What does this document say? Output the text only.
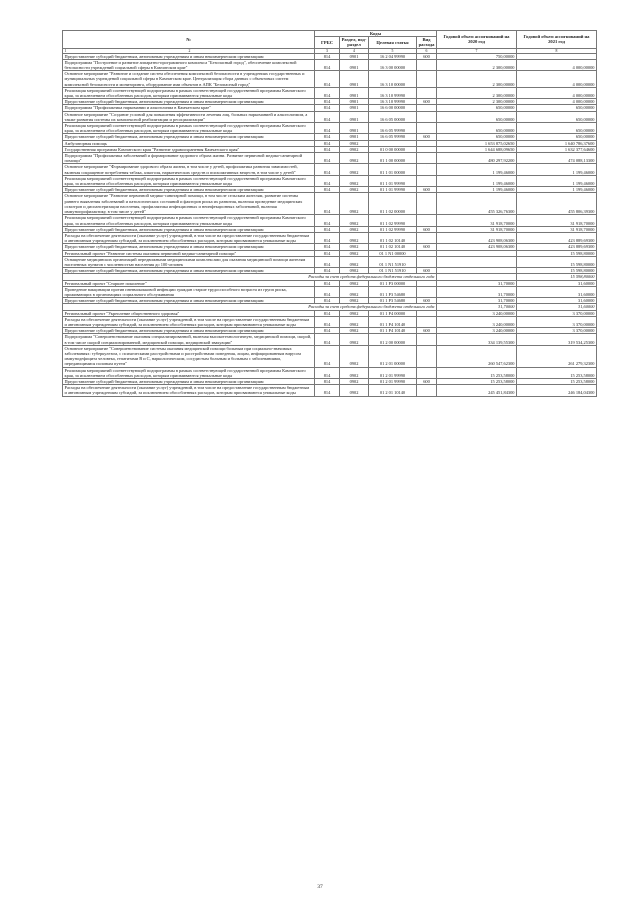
№	Коды				Годовой объем ассигнований на 2020 год	Годовой объем ассигнований на 2021 год
	ГРБС	Раздел, под-раздел	Целевая статья	Вид расхода		

1 2	3	4	5	6	7	8
Предоставление субсидий бюджетным, автономным учреждениям и иным некоммерческим организациям	814	0901	16 2 04 99990	600	750,00000	
Подпрограмма "Построение и развитие аппаратно-программного комплекса "Безопасный город", обеспечение комплексной безопасности учреждений социальной сферы в Камчатском крае"	814	0901	16 3 00 00000		2 300,00000	4 000,00000
Основное мероприятие "Развитие и создание систем обеспечения комплексной безопасности в учреждениях государственных и муниципальных учреждений социальной сферы в Камчатском крае. Централизация сбора данных с объектовых систем комплексной безопасности и мониторинга, оборудование ими объектов в АПК "Безопасный город"	814	0901	16 3 10 00000		2 300,00000	4 000,00000
Реализация мероприятий соответствующей подпрограммы в рамках соответствующей государственной программы Камчатского края, за исключением обособленных расходов, которым присваиваются уникальные коды	814	0901	16 3 10 99990		2 300,00000	4 000,00000
Предоставление субсидий бюджетным, автономным учреждениям и иным некоммерческим организациям	814	0901	16 3 10 99990	600	2 300,00000	4 000,00000
Подпрограмма "Профилактика наркомании и алкоголизма в Камчатском крае"	814	0901	16 6 00 00000		650,00000	650,00000
Основное мероприятие "Создание условий для повышения эффективности лечения лиц, больных наркоманией и алкоголизмом, а также развития системы их комплексной реабилитации и ресоциализации"	814	0901	16 6 05 00000		650,00000	650,00000
Реализация мероприятий соответствующей подпрограммы в рамках соответствующей государственной программы Камчатского края, за исключением обособленных расходов, которым присваиваются уникальные коды	814	0901	16 6 05 99990		650,00000	650,00000
Предоставление субсидий бюджетным, автономным учреждениям и иным некоммерческим организациям	814	0901	16 6 05 99990	600	650,00000	650,00000
Амбулаторная помощь	814	0902			1 653 875,02650	1 640 786,37600
Государственная программа Камчатского края "Развитие здравоохранения Камчатского края"	814	0902	01 0 00 00000		1 644 688,09650	1 632 377,64600
Подпрограмма "Профилактика заболеваний и формирование здорового образа жизни. Развитие первичной медико-санитарной помощи"	814	0902	01 1 00 00000		480 297,92200	474 088,13300
Основное мероприятие "Формирование здорового образа жизни, в том числе у детей, профилактика развития зависимостей, включая сокращение потребления табака, алкоголя, наркотических средств и психоактивных веществ, в том числе у детей"	814	0902	01 1 01 00000		1 199,46000	1 199,46000
Реализация мероприятий соответствующей подпрограммы в рамках соответствующей государственной программы Камчатского края, за исключением обособленных расходов, которым присваиваются уникальные коды	814	0902	01 1 01 99990		1 199,46000	1 199,46000
Предоставление субсидий бюджетным, автономным учреждениям и иным некоммерческим организациям	814	0902	01 1 01 99990	600	1 199,46000	1 199,46000
Основное мероприятие "Развитие первичной медико-санитарной помощи, в том числе сельским жителям, развитие системы раннего выявления заболеваний и патологических состояний и факторов риска их развития, включая проведение медицинских осмотров и диспансеризации населения, профилактика инфекционных и неинфекционных заболеваний, включая иммунопрофилактику, в том числе у детей"	814	0902	01 1 02 00000		455 326,76300	455 806,39300
Реализация мероприятий соответствующей подпрограммы в рамках соответствующей государственной программы Камчатского края, за исключением обособленных расходов, которым присваиваются уникальные коды	814	0902	01 1 02 99990		31 918,70000	31 918,70000
Предоставление субсидий бюджетным, автономным учреждениям и иным некоммерческим организациям	814	0902	01 1 02 99990	600	31 918,70000	31 918,70000
Расходы на обеспечение деятельности (оказание услуг) учреждений, в том числе на предоставление государственным бюджетным и автономным учреждениям субсидий, за исключением обособленных расходов, которым присваиваются уникальные коды	814	0902	01 1 02 10140		423 908,06300	423 889,69300
Предоставление субсидий бюджетным, автономным учреждениям и иным некоммерческим организациям	814	0902	01 1 02 10140	600	423 908,06300	423 889,69300
Региональный проект "Развитие системы оказания первичной медико-санитарной помощи"	814	0902	01 1 N1 00000			15 598,80000
Оснащение медицинских организаций передвижными медицинскими комплексами для оказания медицинской помощи жителям населенных пунктов с численностью населения до 100 человек	814	0902	01 1 N1 51910			15 598,80000
Предоставление субсидий бюджетным, автономным учреждениям и иным некоммерческим организациям	814	0902	01 1 N1 51910	600		15 598,80000
Расходы за счет средств федерального бюджета отдельного года						15 598,80000
Региональный проект "Старшее поколение"	814	0902	01 1 P3 00000		31,70000	31,60000
Проведение вакцинации против пневмококковой инфекции граждан старше трудоспособного возраста из групп риска, проживающих в организациях социального обслуживания	814	0902	01 1 P3 54680		31,70000	31,60000
Предоставление субсидий бюджетным, автономным учреждениям и иным некоммерческим организациям	814	0902	01 1 P3 54680	600	31,70000	31,60000
Расходы за счет средств федерального бюджета отдельного года					31,70000	31,60000
Региональный проект "Укрепление общественного здоровья"	814	0902	01 1 P4 00000		3 240,00000	3 370,00000
Расходы на обеспечение деятельности (оказание услуг) учреждений, в том числе на предоставление государственным бюджетным и автономным учреждениям субсидий, за исключением обособленных расходов, которым присваиваются уникальные коды	814	0902	01 1 P4 10140		3 240,00000	3 370,00000
Предоставление субсидий бюджетным, автономным учреждениям и иным некоммерческим организациям	814	0902	01 1 P4 10140	600	3 240,00000	3 370,00000
Подпрограмма "Совершенствование оказания специализированной, включая высокотехнологичную, медицинской помощи, скорой, в том числе скорой специализированной, медицинской помощи, медицинской эвакуации"	814	0902	01 2 00 00000		334 139,55300	319 534,25300
Основное мероприятие "Совершенствование системы оказания медицинской помощи больным при социально-значимых заболеваниях: туберкулезом, с психическими расстройствами и расстройствами поведения, лицам, инфицированным вирусом иммунодефицита человека, гепатитами B и C, наркологическим, сосудистым больным и больным с заболеваниями, передающимися половым путем"	814	0902	01 2 01 00000		260 547,62300	261 279,32300
Реализация мероприятий соответствующей подпрограммы в рамках соответствующей государственной программы Камчатского края, за исключением обособленных расходов, которым присваиваются уникальные коды	814	0902	01 2 01 99990		15 253,58000	15 253,58000
Предоставление субсидий бюджетным, автономным учреждениям и иным некоммерческим организациям	814	0902	01 2 01 99990	600	15 253,58000	15 253,58000
Расходы на обеспечение деятельности (оказание услуг) учреждений, в том числе на предоставление государственным бюджетным и автономным учреждениям субсидий, за исключением обособленных расходов, которым присваиваются уникальные коды	814	0902	01 2 01 10140		245 451,84300	246 184,04300
37
